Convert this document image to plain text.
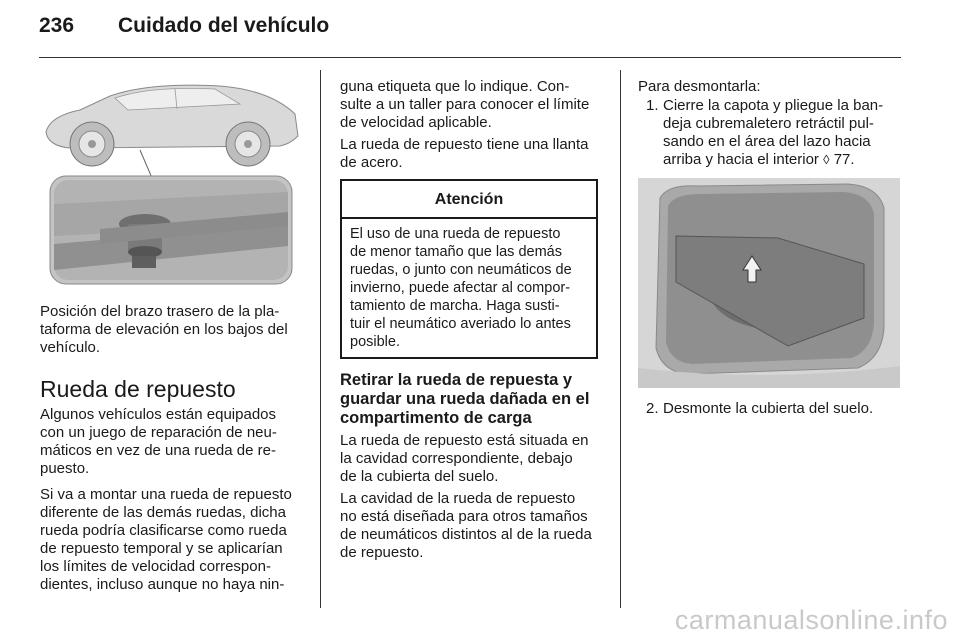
236 Cuidado del vehículo
Posición del brazo trasero de la pla-
taforma de elevación en los bajos del
vehículo.
Rueda de repuesto
Algunos vehículos están equipados
con un juego de reparación de neu-
máticos en vez de una rueda de re-
puesto.
Si va a montar una rueda de repuesto
diferente de las demás ruedas, dicha
rueda podría clasificarse como rueda
de repuesto temporal y se aplicarían
los límites de velocidad correspon-
dientes, incluso aunque no haya nin-
guna etiqueta que lo indique. Con-
sulte a un taller para conocer el límite
de velocidad aplicable.
La rueda de repuesto tiene una llanta
de acero.
Atención
El uso de una rueda de repuesto
de menor tamaño que las demás
ruedas, o junto con neumáticos de
invierno, puede afectar al compor-
tamiento de marcha. Haga susti-
tuir el neumático averiado lo antes
posible.
Retirar la rueda de repuesta y
guardar una rueda dañada en el
compartimento de carga
La rueda de repuesto está situada en
la cavidad correspondiente, debajo
de la cubierta del suelo.
La cavidad de la rueda de repuesto
no está diseñada para otros tamaños
de neumáticos distintos al de la rueda
de repuesto.
Para desmontarla:
1. Cierre la capota y pliegue la ban-
deja cubremaletero retráctil pul-
sando en el área del lazo hacia
arriba y hacia el interior ◊ 77.
2. Desmonte la cubierta del suelo.
carmanualsonline.info
